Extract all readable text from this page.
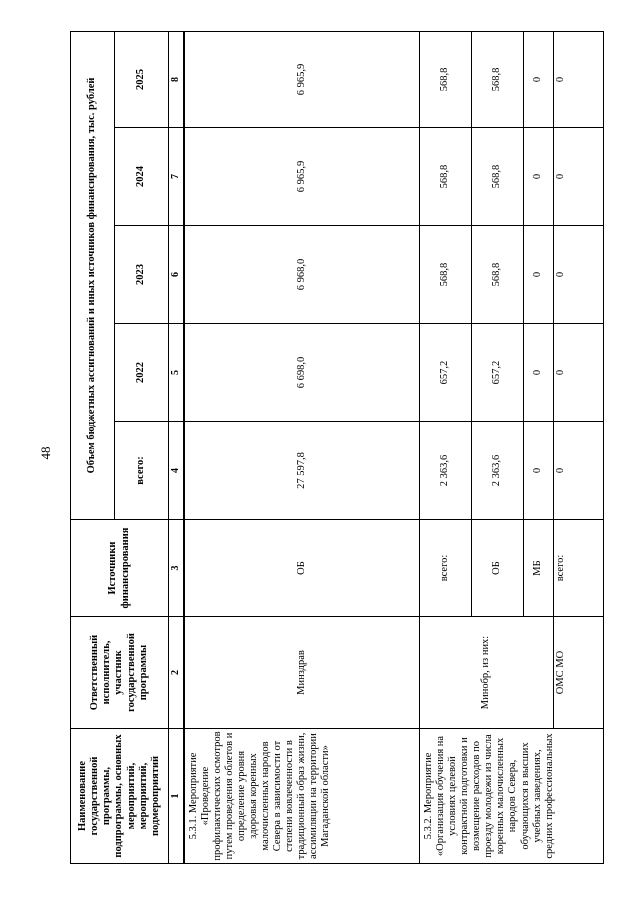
48
Наименование государственной программы, подпрограммы, основных мероприятий, мероприятий, подмероприятий	Ответственный исполнитель, участник государственной программы	Источники финансирования	Объем бюджетных ассигнований и иных источников финансирования, тыс. рублей				
			всего:	2022	2023	2024	2025
1	2	3	4	5	6	7	8
5.3.1. Мероприятие «Проведение профилактических осмотров путем проведения облетов и определение уровня здоровья коренных малочисленных народов Севера в зависимости от степени вовлеченности в традиционный образ жизни, ассимиляции на территории Магаданской области»	Минздрав	ОБ	27 597,8	6 698,0	6 968,0	6 965,9	6 965,9
5.3.2. Мероприятие «Организация обучения на условиях целевой контрактной подготовки и возмещение расходов по проезду молодежи из числа коренных малочисленных народов Севера, обучающихся в высших учебных заведениях, средних профессиональных	Минобр, из них:	всего:	2 363,6	657,2	568,8	568,8	568,8
		ОБ	2 363,6	657,2	568,8	568,8	568,8
		МБ	0	0	0	0	0
	ОМС МО	всего:	0	0	0	0	0
